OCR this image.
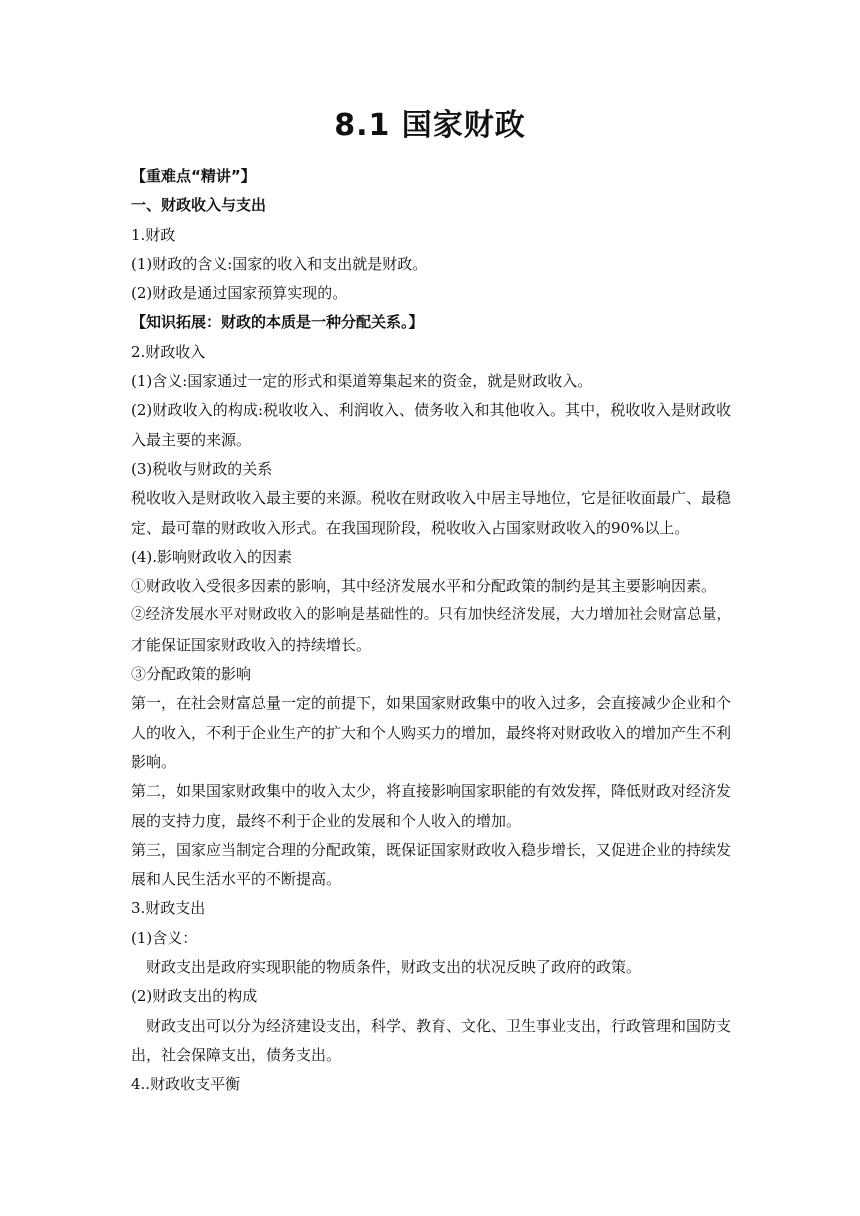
8.1 国家财政
【重难点“精讲”】
一、财政收入与支出
1.财政
(1)财政的含义:国家的收入和支出就是财政。
(2)财政是通过国家预算实现的。
【知识拓展：财政的本质是一种分配关系。】
2.财政收入
(1)含义:国家通过一定的形式和渠道筹集起来的资金，就是财政收入。
(2)财政收入的构成:税收收入、利润收入、债务收入和其他收入。其中，税收收入是财政收
入最主要的来源。
(3)税收与财政的关系
税收收入是财政收入最主要的来源。税收在财政收入中居主导地位，它是征收面最广、最稳
定、最可靠的财政收入形式。在我国现阶段，税收收入占国家财政收入的90%以上。
(4).影响财政收入的因素
①财政收入受很多因素的影响，其中经济发展水平和分配政策的制约是其主要影响因素。
②经济发展水平对财政收入的影响是基础性的。只有加快经济发展，大力增加社会财富总量，
才能保证国家财政收入的持续增长。
③分配政策的影响
第一，在社会财富总量一定的前提下，如果国家财政集中的收入过多，会直接减少企业和个
人的收入，不利于企业生产的扩大和个人购买力的增加，最终将对财政收入的增加产生不利
影响。
第二，如果国家财政集中的收入太少，将直接影响国家职能的有效发挥，降低财政对经济发
展的支持力度，最终不利于企业的发展和个人收入的增加。
第三，国家应当制定合理的分配政策，既保证国家财政收入稳步增长，又促进企业的持续发
展和人民生活水平的不断提高。
3.财政支出
(1)含义：
财政支出是政府实现职能的物质条件，财政支出的状况反映了政府的政策。
(2)财政支出的构成
财政支出可以分为经济建设支出，科学、教育、文化、卫生事业支出，行政管理和国防支
出，社会保障支出，债务支出。
4..财政收支平衡
